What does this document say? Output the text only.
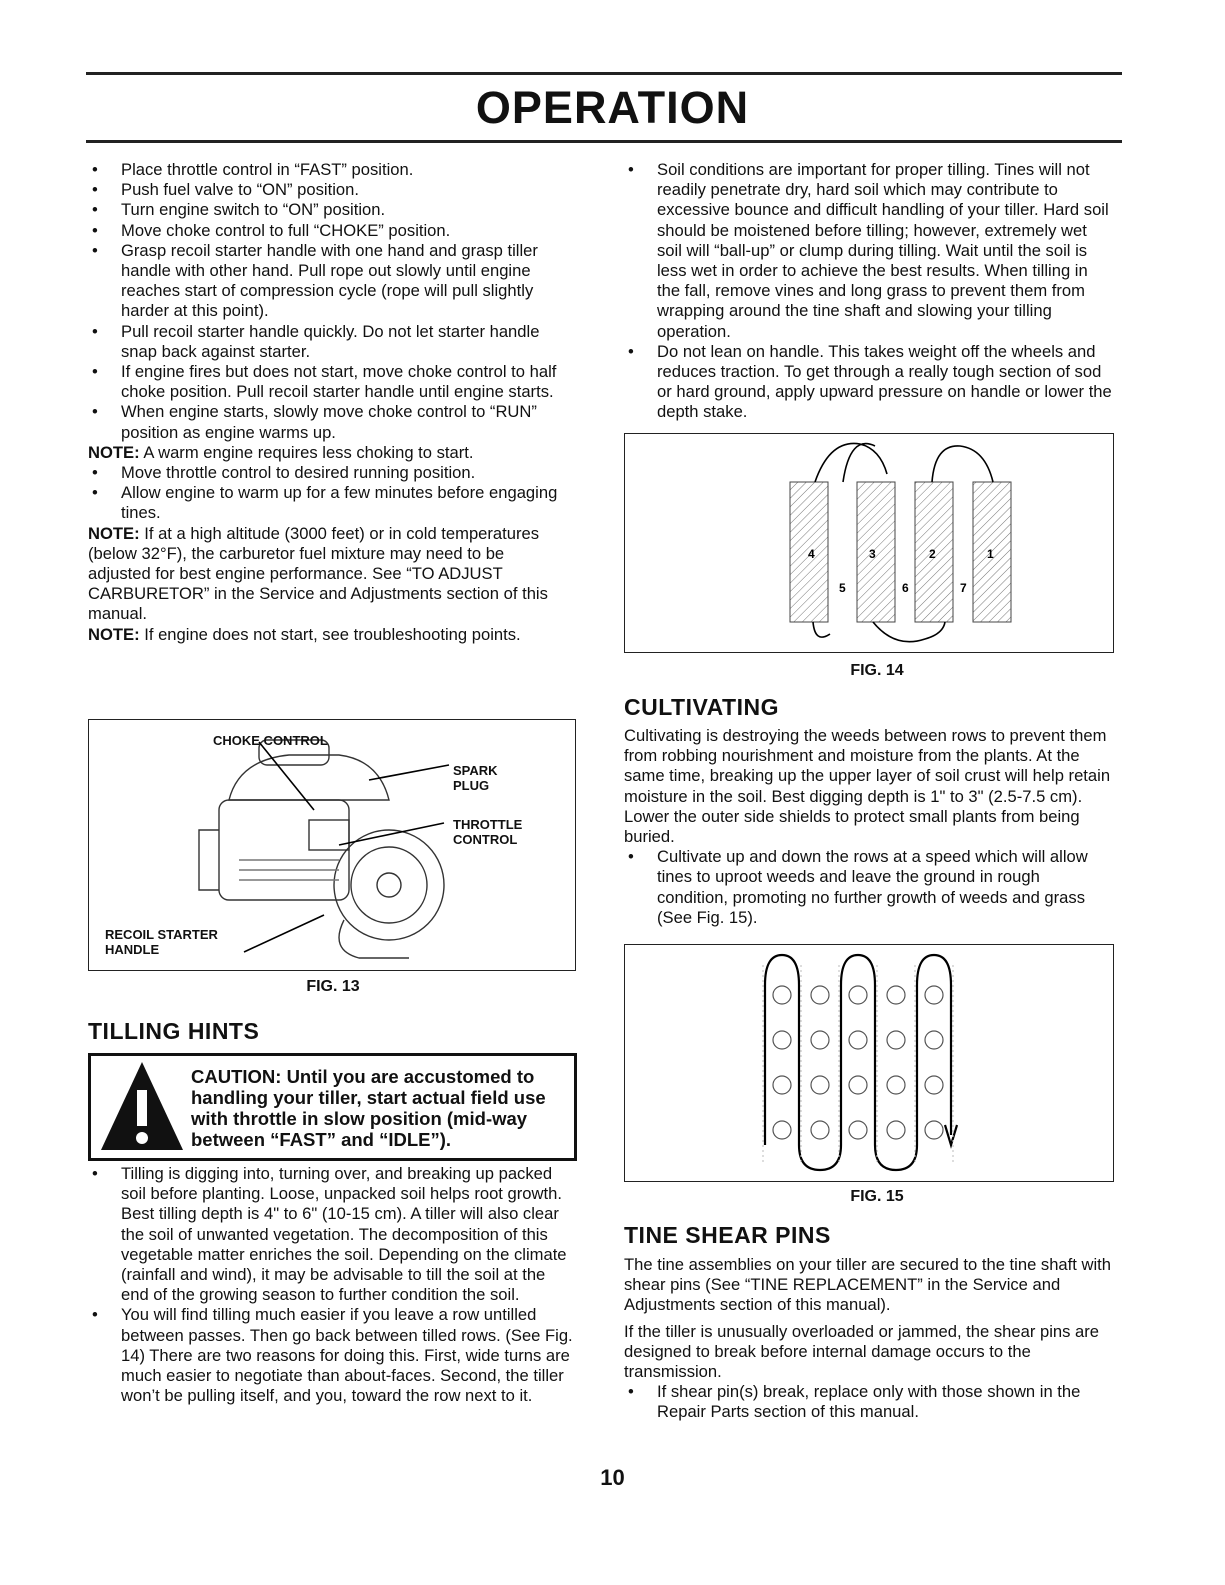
OPERATION

• Place throttle control in “FAST” position.

• Push fuel valve to “ON” position.

• Turn engine switch to “ON” position.

• Move choke control to full “CHOKE” position.

• Grasp recoil starter handle with one hand and grasp tiller handle with other hand. Pull rope out slowly until engine reaches start of compression cycle (rope will pull slightly harder at this point).

• Pull recoil starter handle quickly. Do not let starter handle snap back against starter.

• If engine fires but does not start, move choke control to half choke position. Pull recoil starter handle until engine starts.

• When engine starts, slowly move choke control to “RUN” position as engine warms up.

NOTE: A warm engine requires less choking to start.

• Move throttle control to desired running position.

• Allow engine to warm up for a few minutes before engaging tines.

NOTE: If at a high altitude (3000 feet) or in cold temperatures (below 32°F), the carburetor fuel mixture may need to be adjusted for best engine performance. See “TO ADJUST CARBURETOR” in the Service and Adjustments section of this manual.

NOTE: If engine does not start, see troubleshooting points.

CHOKE CONTROL
SPARK PLUG
THROTTLE CONTROL
RECOIL STARTER HANDLE
FIG. 13
TILLING HINTS
CAUTION: Until you are accustomed to handling your tiller, start actual field use with throttle in slow position (mid-way between “FAST” and “IDLE”).

• Tilling is digging into, turning over, and breaking up packed soil before planting. Loose, unpacked soil helps root growth. Best tilling depth is 4" to 6" (10-15 cm). A tiller will also clear the soil of unwanted vegetation. The decomposition of this vegetable matter enriches the soil. Depending on the climate (rainfall and wind), it may be advisable to till the soil at the end of the growing season to further condition the soil.

• You will find tilling much easier if you leave a row untilled between passes. Then go back between tilled rows. (See Fig. 14) There are two reasons for doing this. First, wide turns are much easier to negotiate than about-faces. Second, the tiller won’t be pulling itself, and you, toward the row next to it.

• Soil conditions are important for proper tilling. Tines will not readily penetrate dry, hard soil which may contribute to excessive bounce and difficult handling of your tiller. Hard soil should be moistened before tilling; however, extremely wet soil will “ball-up” or clump during tilling. Wait until the soil is less wet in order to achieve the best results. When tilling in the fall, remove vines and long grass to prevent them from wrapping around the tine shaft and slowing your tilling operation.

• Do not lean on handle. This takes weight off the wheels and reduces traction. To get through a really tough section of sod or hard ground, apply upward pressure on handle or lower the depth stake.

4	3	2	1
5	6	7
FIG. 14
CULTIVATING

Cultivating is destroying the weeds between rows to prevent them from robbing nourishment and moisture from the plants. At the same time, breaking up the upper layer of soil crust will help retain moisture in the soil. Best digging depth is 1" to 3" (2.5-7.5 cm). Lower the outer side shields to protect small plants from being buried.

• Cultivate up and down the rows at a speed which will allow tines to uproot weeds and leave the ground in rough condition, promoting no further growth of weeds and grass (See Fig. 15).

FIG. 15
TINE SHEAR PINS

The tine assemblies on your tiller are secured to the tine shaft with shear pins (See “TINE REPLACEMENT” in the Service and Adjustments section of this manual).

If the tiller is unusually overloaded or jammed, the shear pins are designed to break before internal damage occurs to the transmission.

• If shear pin(s) break, replace only with those shown in the Repair Parts section of this manual.

10
